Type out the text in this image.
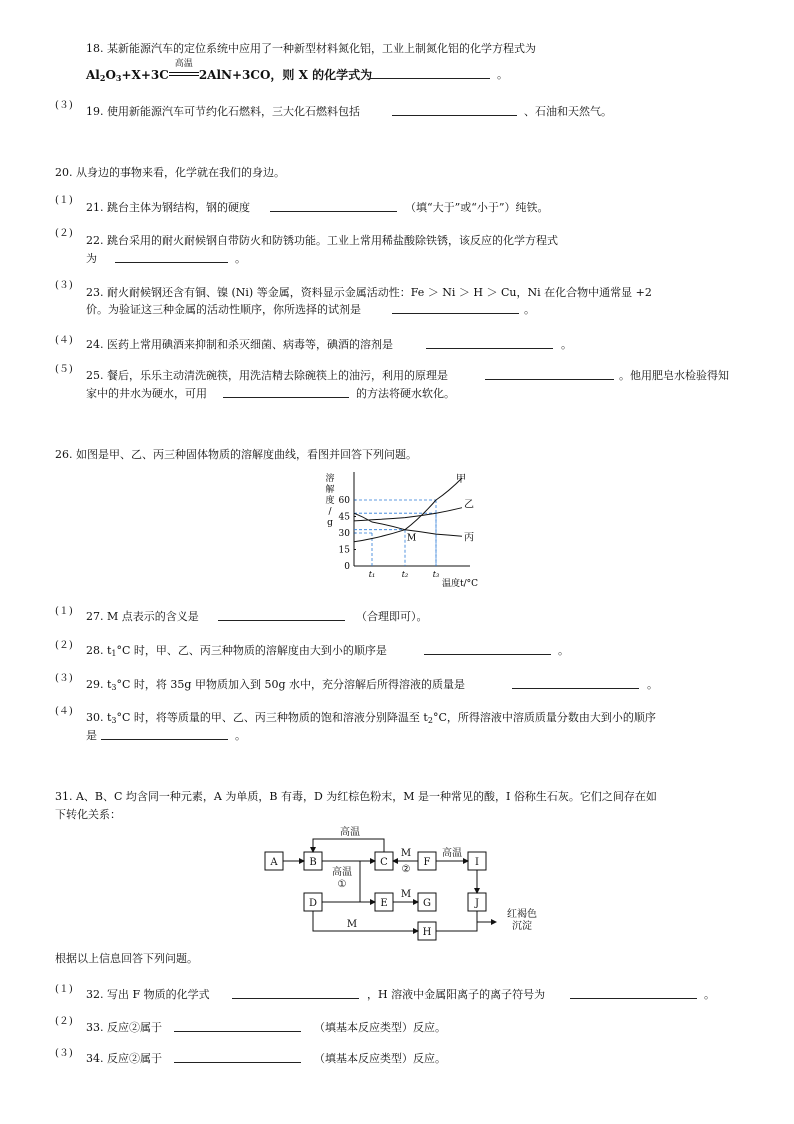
18. 某新能源汽车的定位系统中应用了一种新型材料氮化铝，工业上制氮化铝的化学方程式为
$Al_2O_3+X+3C$
高温
2AlN+3CO，则 X 的化学式为	。
(３) 19. 使用新能源汽车可节约化石燃料，三大化石燃料包括	、石油和天然气。
20. 从身边的事物来看，化学就在我们的身边。
(１)
21. 跳台主体为钢结构，钢的硬度	（填“大于”或“小于”）纯铁。
(２)
22. 跳台采用的耐火耐候钢自带防火和防锈功能。工业上常用稀盐酸除铁锈，该反应的化学方程式
为	。
(３)
23. 耐火耐候钢还含有铜、镍 (Ni) 等金属，资料显示金属活动性：Fe ＞ Ni ＞ H ＞ Cu，Ni 在化合物中通常显 +2
价。为验证这三种金属的活动性顺序，你所选择的试剂是	。
(４) 24. 医药上常用碘酒来抑制和杀灭细菌、病毒等，碘酒的溶剂是	。
(５) 25. 餐后，乐乐主动清洗碗筷，用洗洁精去除碗筷上的油污，利用的原理是	。他用肥皂水检验得知
家中的井水为硬水，可用	的方法将硬水软化。
26. 如图是甲、乙、丙三种固体物质的溶解度曲线，看图并回答下列问题。
60
45
30
15
0
t₁	t₂	t₃
甲
乙
丙
M
溶
解
度
/
g
温度t/°C
(１) 27. M 点表示的含义是	（合理即可）。
(２) 28. $t_1^\circ C$ 时，甲、乙、丙三种物质的溶解度由大到小的顺序是	。
(３) 29. $t_3^\circ C$ 时，将 35g 甲物质加入到 50g 水中，充分溶解后所得溶液的质量是	。
(４) 30. $t_3^\circ C$ 时，将等质量的甲、乙、丙三种物质的饱和溶液分别降温至 $t_2^\circ C$，所得溶液中溶质质量分数由大到小的顺序
是	。
31. A、B、C 均含同一种元素，A 为单质，B 有毒，D 为红棕色粉末，M 是一种常见的酸，I 俗称生石灰。它们之间存在如
下转化关系：
A	B	C	F	I
D	E	G	J
H
高温
高温
①
M
②
高温
M
M
红褐色
沉淀
根据以上信息回答下列问题。
(１) 32. 写出 F 物质的化学式	，H 溶液中金属阳离子的离子符号为	。
(２) 33. 反应②属于	（填基本反应类型）反应。
(３) 34. 反应②属于	（填基本反应类型）反应。
